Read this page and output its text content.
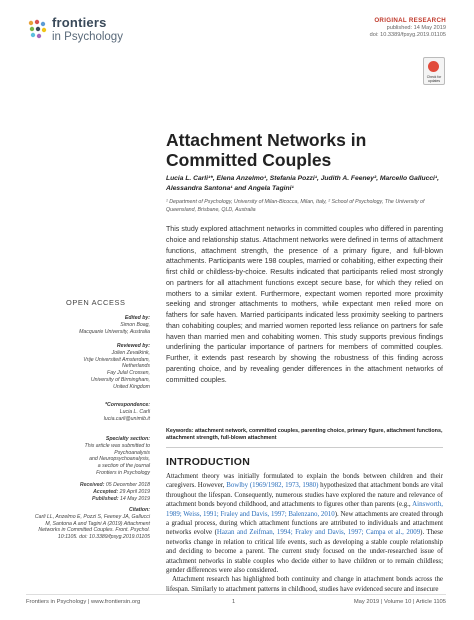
frontiers
in Psychology
ORIGINAL RESEARCH
published: 14 May 2019
doi: 10.3389/fpsyg.2019.01105
Check for updates
OPEN ACCESS
Edited by:
Simon Boag,
Macquarie University, Australia
Reviewed by:
Jolien Zevalkink,
Vrije Universiteit Amsterdam,
Netherlands
Fay Julal Crossen,
University of Birmingham,
United Kingdom
*Correspondence:
Lucia L. Carli
lucia.carli@unimib.it
Specialty section:
This article was submitted to
Psychoanalysis
and Neuropsychoanalysis,
a section of the journal
Frontiers in Psychology
Received: 05 December 2018
Accepted: 29 April 2019
Published: 14 May 2019
Citation:
Carli LL, Anzelmo E, Pozzi S, Feeney JA, Gallucci M, Santona A and Tagini A (2019) Attachment Networks in Committed Couples. Front. Psychol. 10:1105. doi: 10.3389/fpsyg.2019.01105
Attachment Networks in Committed Couples
Lucia L. Carli¹*, Elena Anzelmo¹, Stefania Pozzi¹, Judith A. Feeney², Marcello Gallucci¹, Alessandra Santona¹ and Angela Tagini¹
¹ Department of Psychology, University of Milan-Bicocca, Milan, Italy, ² School of Psychology, The University of Queensland, Brisbane, QLD, Australia
This study explored attachment networks in committed couples who differed in parenting choice and relationship status. Attachment networks were defined in terms of attachment functions, attachment strength, the presence of a primary figure, and full-blown attachments. Participants were 198 couples, married or cohabiting, either expecting their first child or childless-by-choice. Results indicated that participants relied most strongly on partners for all attachment functions except secure base, for which they relied on mothers to a similar extent. Furthermore, expectant women reported more proximity seeking and stronger attachments to mothers, while expectant men relied more on fathers for safe haven. Married participants indicated less proximity seeking to partners than cohabiting couples; and married women reported less reliance on partners for safe haven than married men and cohabiting women. This study supports previous findings underlining the particular importance of partners for members of committed couples. Further, it extends past research by showing the robustness of this finding across parenting choice, and by revealing gender differences in the attachment networks of committed couples.
Keywords: attachment network, committed couples, parenting choice, primary figure, attachment functions, attachment strength, full-blown attachment
INTRODUCTION

Attachment theory was initially formulated to explain the bonds between children and their caregivers. However, Bowlby (1969/1982, 1973, 1980) hypothesized that attachment bonds are vital throughout the lifespan. Consequently, numerous studies have explored the nature and relevance of attachment bonds beyond childhood, and attachments to figures other than parents (e.g., Ainsworth, 1989; Weiss, 1991; Fraley and Davis, 1997; Balenzano, 2010). New attachments are created through a gradual process, during which attachment functions are attributed to individuals and attachment networks evolve (Hazan and Zeifman, 1994; Fraley and Davis, 1997; Campa et al., 2009). These networks change in relation to critical life events, such as developing a stable couple relationship and deciding to become a parent. The current study focused on the under-researched issue of attachment networks in stable couples who decide either to have children or to remain childless; gender differences were also considered.

Attachment research has highlighted both continuity and change in attachment bonds across the lifespan. Similarly to attachment patterns in childhood, studies have evidenced secure and insecure

Frontiers in Psychology | www.frontiersin.org	1	May 2019 | Volume 10 | Article 1105
